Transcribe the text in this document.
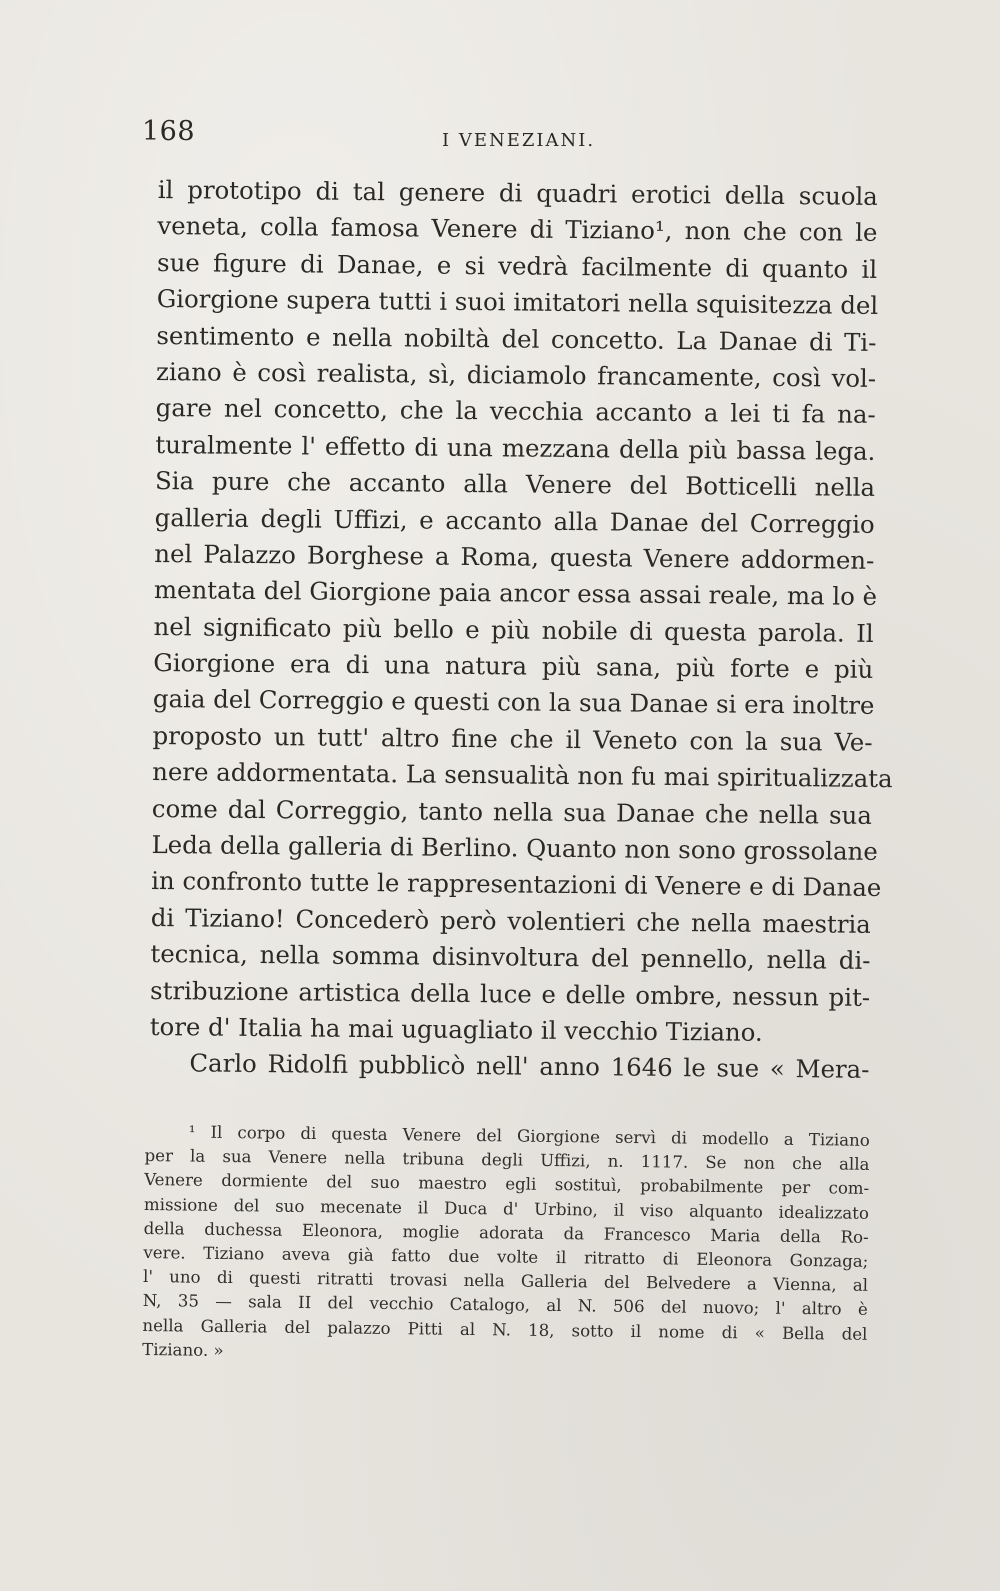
168	I VENEZIANI.
il prototipo di tal genere di quadri erotici della scuola
veneta, colla famosa Venere di Tiziano¹, non che con le
sue figure di Danae, e si vedrà facilmente di quanto il
Giorgione supera tutti i suoi imitatori nella squisitezza del
sentimento e nella nobiltà del concetto. La Danae di Ti-
ziano è così realista, sì, diciamolo francamente, così vol-
gare nel concetto, che la vecchia accanto a lei ti fa na-
turalmente l' effetto di una mezzana della più bassa lega.
Sia pure che accanto alla Venere del Botticelli nella
galleria degli Uffizi, e accanto alla Danae del Correggio
nel Palazzo Borghese a Roma, questa Venere addormen-
mentata del Giorgione paia ancor essa assai reale, ma lo è
nel significato più bello e più nobile di questa parola. Il
Giorgione era di una natura più sana, più forte e più
gaia del Correggio e questi con la sua Danae si era inoltre
proposto un tutt' altro fine che il Veneto con la sua Ve-
nere addormentata. La sensualità non fu mai spiritualizzata
come dal Correggio, tanto nella sua Danae che nella sua
Leda della galleria di Berlino. Quanto non sono grossolane
in confronto tutte le rappresentazioni di Venere e di Danae
di Tiziano! Concederò però volentieri che nella maestria
tecnica, nella somma disinvoltura del pennello, nella di-
stribuzione artistica della luce e delle ombre, nessun pit-
tore d' Italia ha mai uguagliato il vecchio Tiziano.
Carlo Ridolfi pubblicò nell' anno 1646 le sue « Mera-
¹ Il corpo di questa Venere del Giorgione servì di modello a Tiziano
per la sua Venere nella tribuna degli Uffizi, n. 1117. Se non che alla
Venere dormiente del suo maestro egli sostituì, probabilmente per com-
missione del suo mecenate il Duca d' Urbino, il viso alquanto idealizzato
della duchessa Eleonora, moglie adorata da Francesco Maria della Ro-
vere. Tiziano aveva già fatto due volte il ritratto di Eleonora Gonzaga;
l' uno di questi ritratti trovasi nella Galleria del Belvedere a Vienna, al
N, 35 — sala II del vecchio Catalogo, al N. 506 del nuovo; l' altro è
nella Galleria del palazzo Pitti al N. 18, sotto il nome di « Bella del
Tiziano. »
